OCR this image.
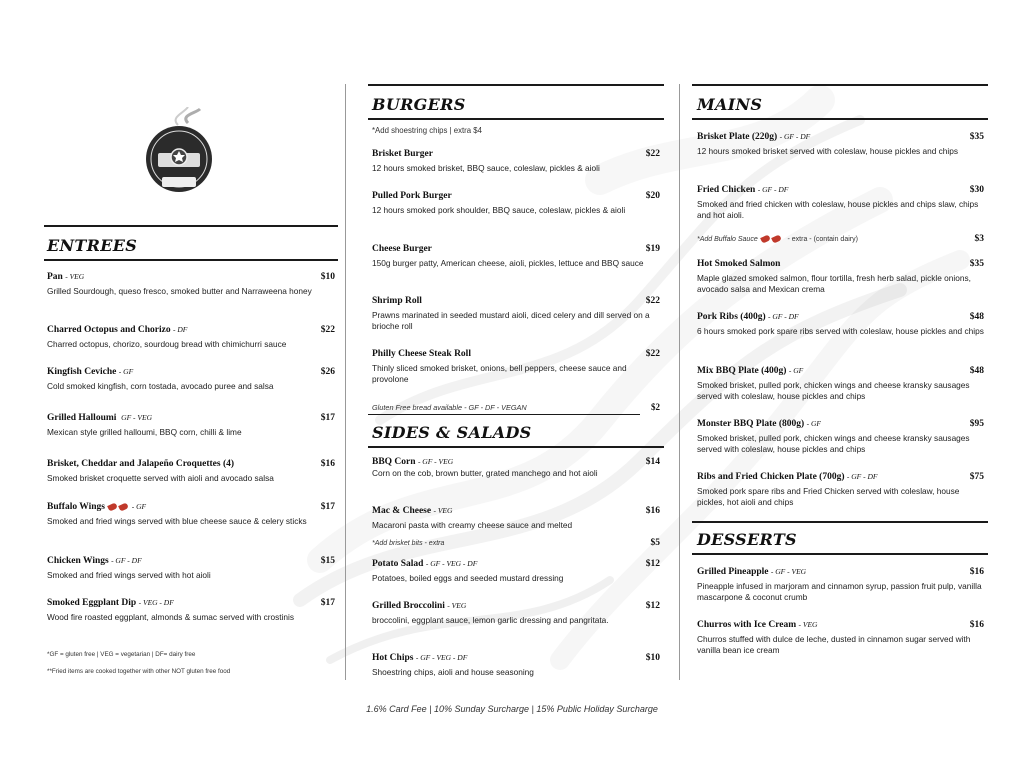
ENTREES
Pan - VEG	$10
Grilled Sourdough, queso fresco, smoked butter and Narraweena honey
Charred Octopus and Chorizo - DF	$22
Charred octopus, chorizo, sourdoug bread with chimichurri sauce
Kingfish Ceviche - GF	$26
Cold smoked kingfish, corn tostada, avocado puree and salsa
Grilled Halloumi GF - VEG	$17
Mexican style grilled halloumi, BBQ corn, chilli & lime
Brisket, Cheddar and Jalapeño Croquettes (4)	$16
Smoked brisket croquette served with aioli and avocado salsa
Buffalo Wings	- GF	$17
Smoked and fried wings served with blue cheese sauce & celery sticks
Chicken Wings - GF - DF	$15
Smoked and fried wings served with hot aioli
Smoked Eggplant Dip - VEG - DF	$17
Wood fire roasted eggplant, almonds & sumac served with crostinis
*GF = gluten free | VEG = vegetarian | DF= dairy free
**Fried items are cooked together with other NOT gluten free food
BURGERS
*Add shoestring chips | extra $4
Brisket Burger	$22
12 hours smoked brisket, BBQ sauce, coleslaw, pickles & aioli
Pulled Pork Burger	$20
12 hours smoked pork shoulder, BBQ sauce, coleslaw, pickles & aioli
Cheese Burger	$19
150g burger patty, American cheese, aioli, pickles, lettuce and BBQ sauce
Shrimp Roll	$22
Prawns marinated in seeded mustard aioli, diced celery and dill served on a brioche roll
Philly Cheese Steak Roll	$22
Thinly sliced smoked brisket, onions, bell peppers, cheese sauce and provolone
Gluten Free bread available - GF - DF - VEGAN	$2
SIDES & SALADS
BBQ Corn - GF - VEG	$14
Corn on the cob, brown butter, grated manchego and hot aioli
Mac & Cheese - VEG	$16
Macaroni pasta with creamy cheese sauce and melted
*Add brisket bits - extra	$5
Potato Salad - GF - VEG - DF	$12
Potatoes, boiled eggs and seeded mustard dressing
Grilled Broccolini - VEG	$12
broccolini, eggplant sauce, lemon garlic dressing and pangritata.
Hot Chips - GF - VEG - DF	$10
Shoestring chips, aioli and house seasoning
MAINS
Brisket Plate (220g) - GF - DF	$35
12 hours smoked brisket served with coleslaw, house pickles and chips
Fried Chicken - GF - DF	$30
Smoked and fried chicken with coleslaw, house pickles and chips slaw, chips and hot aioli.
*Add Buffalo Sauce	- extra - (contain dairy)	$3
Hot Smoked Salmon	$35
Maple glazed smoked salmon, flour tortilla, fresh herb salad, pickle onions, avocado salsa and Mexican crema
Pork Ribs (400g) - GF - DF	$48
6 hours smoked pork spare ribs served with coleslaw, house pickles and chips
Mix BBQ Plate (400g) - GF	$48
Smoked brisket, pulled pork, chicken wings and cheese kransky sausages served with coleslaw, house pickles and chips
Monster BBQ Plate (800g) - GF	$95
Smoked brisket, pulled pork, chicken wings and cheese kransky sausages served with coleslaw, house pickles and chips
Ribs and Fried Chicken Plate (700g) - GF - DF	$75
Smoked pork spare ribs and Fried Chicken served with coleslaw, house pickles, hot aioli and chips
DESSERTS
Grilled Pineapple - GF - VEG	$16
Pineapple infused in marjoram and cinnamon syrup, passion fruit pulp, vanilla mascarpone & coconut crumb
Churros with Ice Cream - VEG	$16
Churros stuffed with dulce de leche, dusted in cinnamon sugar served with vanilla bean ice cream
1.6% Card Fee | 10% Sunday Surcharge | 15% Public Holiday Surcharge
